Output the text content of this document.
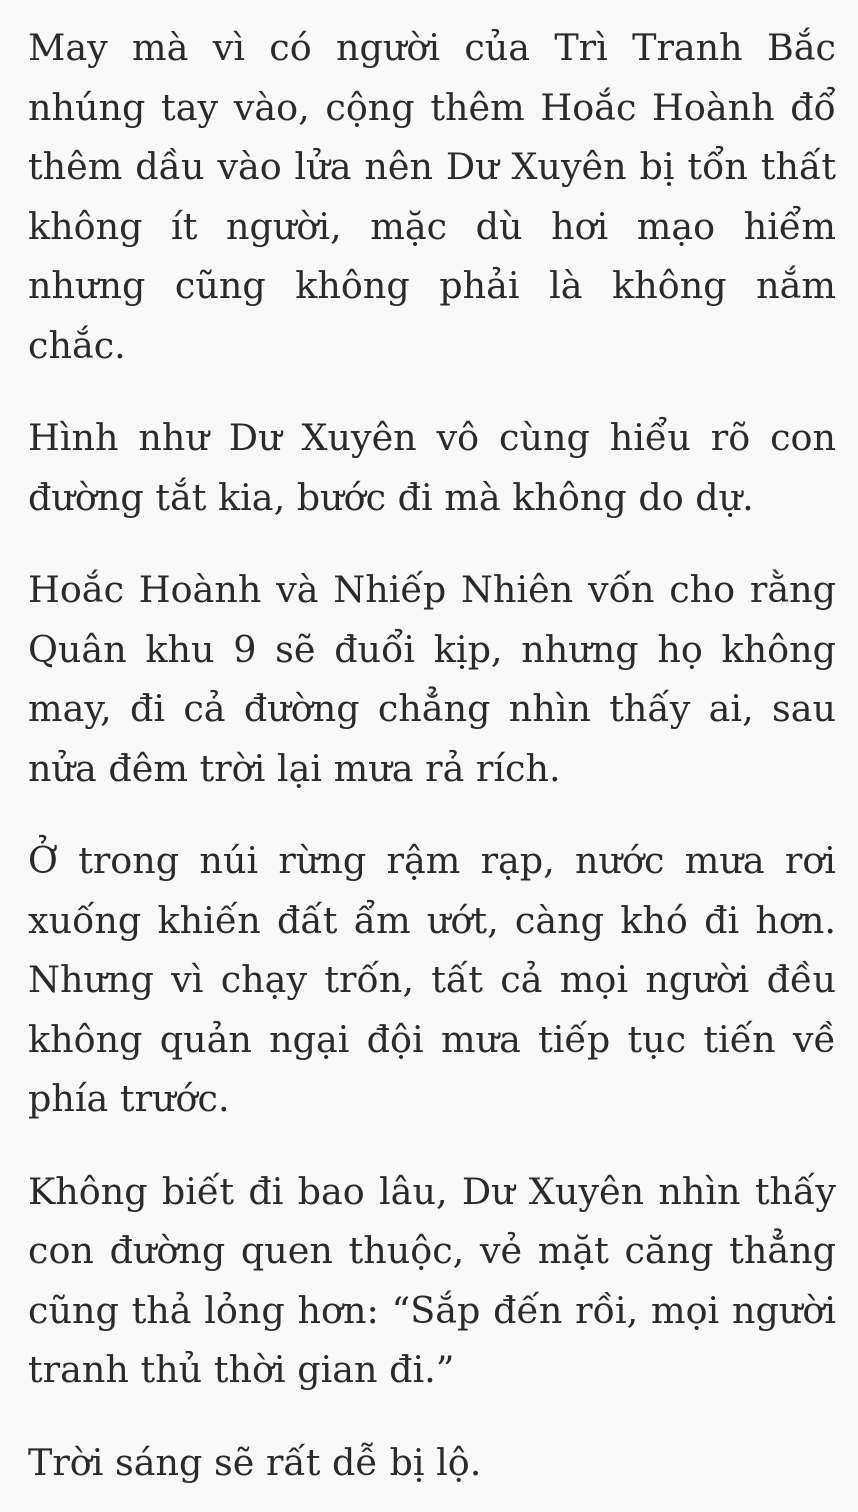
May mà vì có người của Trì Tranh Bắc nhúng tay vào, cộng thêm Hoắc Hoành đổ thêm dầu vào lửa nên Dư Xuyên bị tổn thất không ít người, mặc dù hơi mạo hiểm nhưng cũng không phải là không nắm chắc.

Hình như Dư Xuyên vô cùng hiểu rõ con đường tắt kia, bước đi mà không do dự.

Hoắc Hoành và Nhiếp Nhiên vốn cho rằng Quân khu 9 sẽ đuổi kịp, nhưng họ không may, đi cả đường chẳng nhìn thấy ai, sau nửa đêm trời lại mưa rả rích.

Ở trong núi rừng rậm rạp, nước mưa rơi xuống khiến đất ẩm ướt, càng khó đi hơn. Nhưng vì chạy trốn, tất cả mọi người đều không quản ngại đội mưa tiếp tục tiến về phía trước.

Không biết đi bao lâu, Dư Xuyên nhìn thấy con đường quen thuộc, vẻ mặt căng thẳng cũng thả lỏng hơn: “Sắp đến rồi, mọi người tranh thủ thời gian đi.”

Trời sáng sẽ rất dễ bị lộ.
